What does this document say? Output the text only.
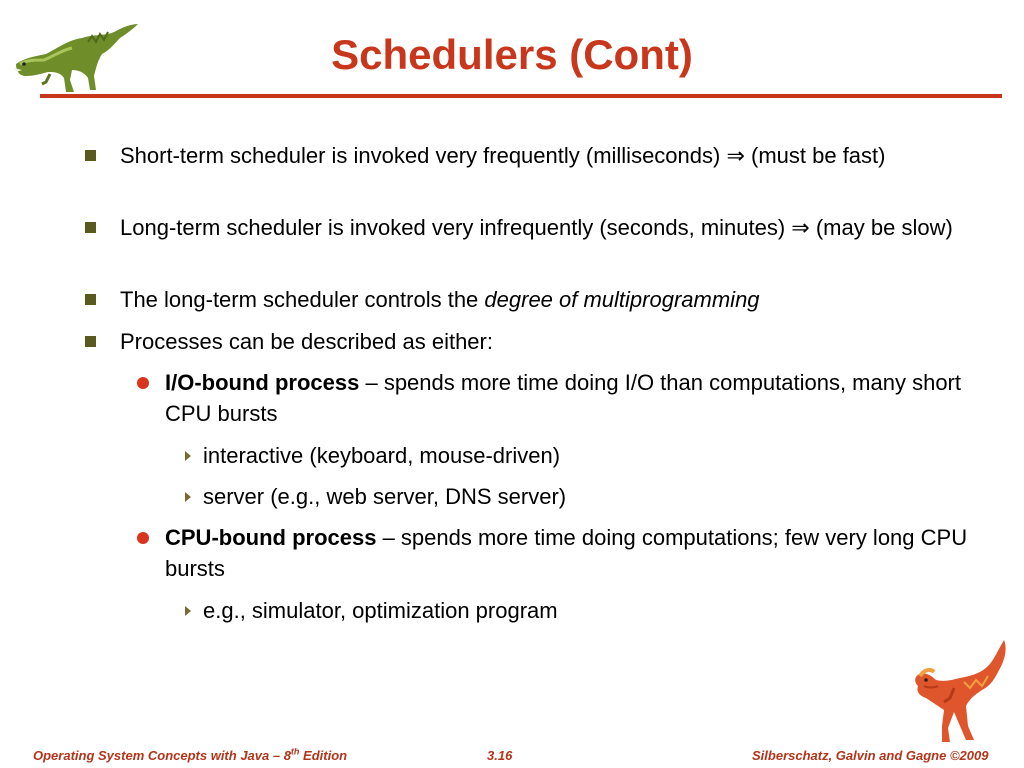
Schedulers (Cont)
Short-term scheduler is invoked very frequently (milliseconds) ⇒ (must be fast)
Long-term scheduler is invoked very infrequently (seconds, minutes) ⇒ (may be slow)
The long-term scheduler controls the degree of multiprogramming
Processes can be described as either:
I/O-bound process – spends more time doing I/O than computations, many short CPU bursts
interactive (keyboard, mouse-driven)
server (e.g., web server, DNS server)
CPU-bound process – spends more time doing computations; few very long CPU bursts
e.g., simulator, optimization program
Operating System Concepts with Java – 8th Edition	3.16	Silberschatz, Galvin and Gagne ©2009
